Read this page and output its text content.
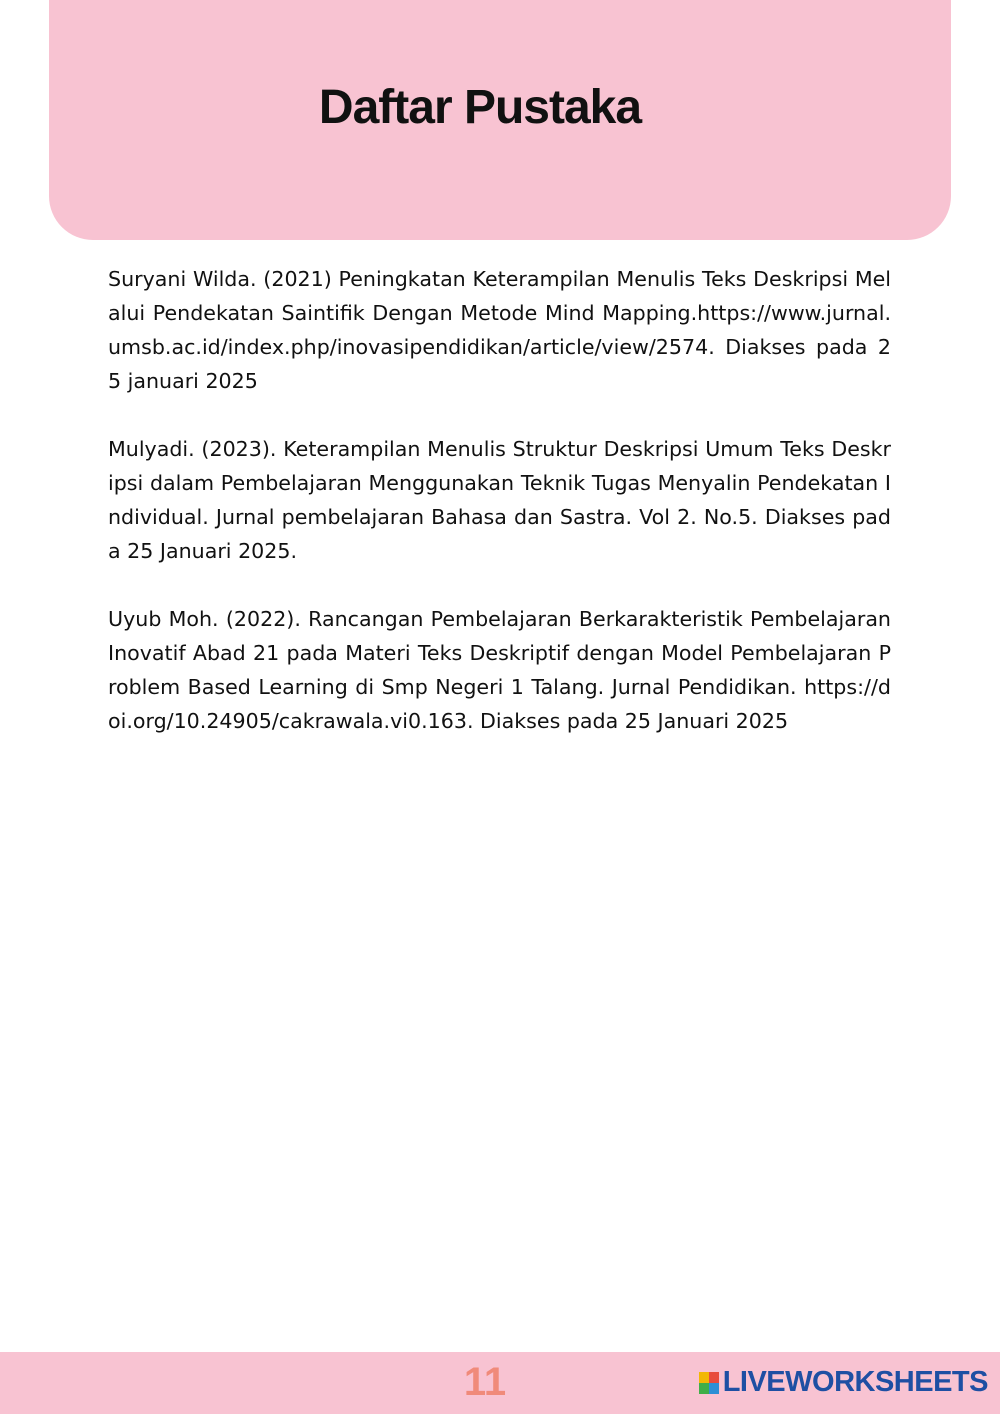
Daftar Pustaka

Suryani Wilda. (2021) Peningkatan Keterampilan Menulis Teks Deskripsi Melalui Pendekatan Saintifik Dengan Metode Mind Mapping.https://www.jurnal.umsb.ac.id/index.php/inovasipendidikan/article/view/2574. Diakses pada 25 januari 2025

Mulyadi. (2023). Keterampilan Menulis Struktur Deskripsi Umum Teks Deskripsi dalam Pembelajaran Menggunakan Teknik Tugas Menyalin Pendekatan Individual. Jurnal pembelajaran Bahasa dan Sastra. Vol 2. No.5. Diakses pada 25 Januari 2025.

Uyub Moh. (2022). Rancangan Pembelajaran Berkarakteristik Pembelajaran Inovatif Abad 21 pada Materi Teks Deskriptif dengan Model Pembelajaran Problem Based Learning di Smp Negeri 1 Talang. Jurnal Pendidikan. https://doi.org/10.24905/cakrawala.vi0.163. Diakses pada 25 Januari 2025

11	LIVEWORKSHEETS
